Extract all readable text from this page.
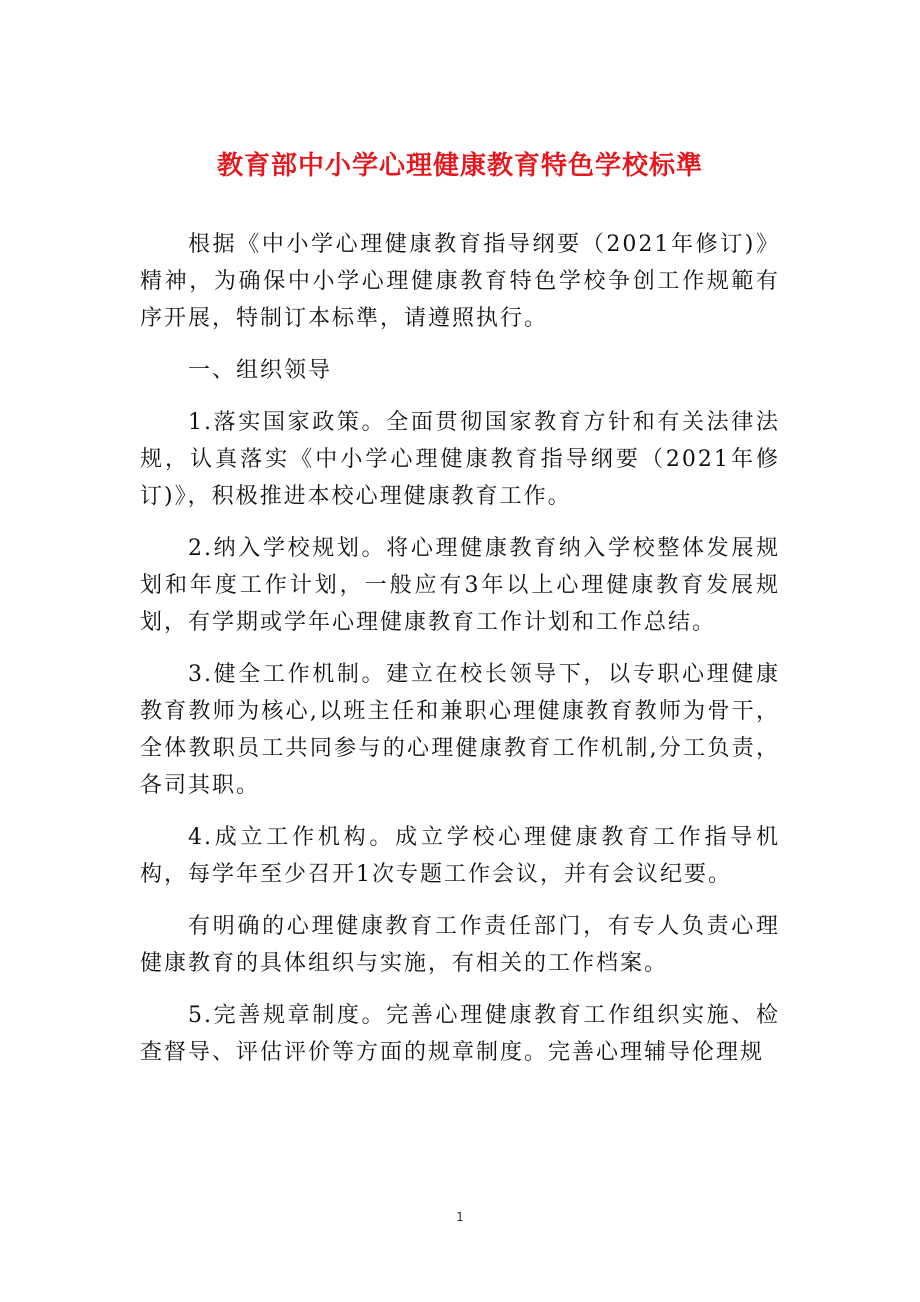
教育部中小学心理健康教育特色学校标準

根据《中小学心理健康教育指导纲要（2021年修订)》精神，为确保中小学心理健康教育特色学校争创工作规範有序开展，特制订本标準，请遵照执行。

一、组织领导

1.落实国家政策。全面贯彻国家教育方针和有关法律法规，认真落实《中小学心理健康教育指导纲要（2021年修订)》，积极推进本校心理健康教育工作。

2.纳入学校规划。将心理健康教育纳入学校整体发展规划和年度工作计划，一般应有3年以上心理健康教育发展规划，有学期或学年心理健康教育工作计划和工作总结。

3.健全工作机制。建立在校长领导下，以专职心理健康教育教师为核心,以班主任和兼职心理健康教育教师为骨干，全体教职员工共同参与的心理健康教育工作机制,分工负责，各司其职。

4.成立工作机构。成立学校心理健康教育工作指导机构，每学年至少召开1次专题工作会议，并有会议纪要。

有明确的心理健康教育工作责任部门，有专人负责心理健康教育的具体组织与实施，有相关的工作档案。

5.完善规章制度。完善心理健康教育工作组织实施、检查督导、评估评价等方面的规章制度。完善心理辅导伦理规

1
